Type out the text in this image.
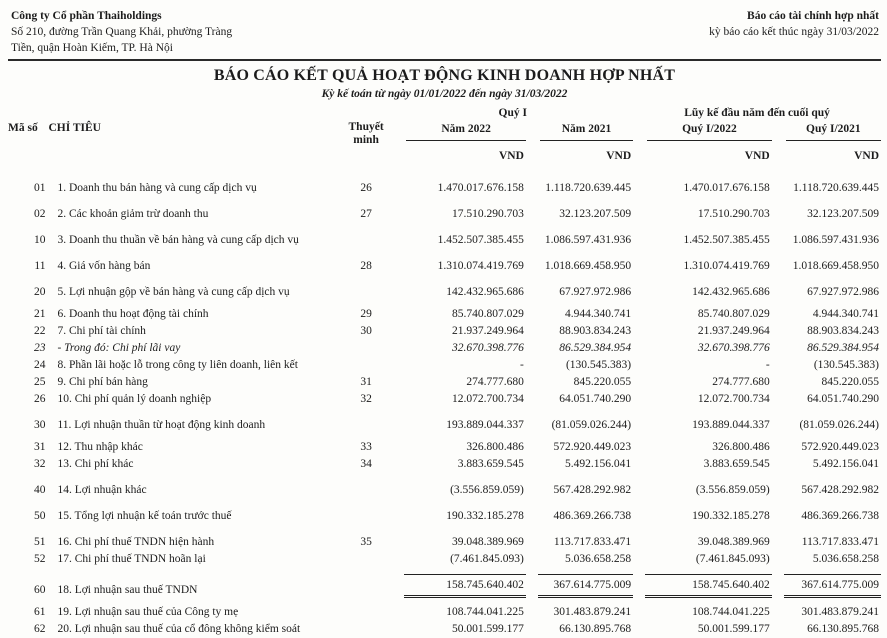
Công ty Cổ phần Thaiholdings
Số 210, đường Trần Quang Khải, phường Tràng
Tiền, quận Hoàn Kiếm, TP. Hà Nội
Báo cáo tài chính hợp nhất
kỳ báo cáo kết thúc ngày 31/03/2022
BÁO CÁO KẾT QUẢ HOẠT ĐỘNG KINH DOANH HỢP NHẤT
Kỳ kế toán từ ngày 01/01/2022 đến ngày 31/03/2022
			Quý I		Lũy kế đầu năm đến cuối quý	
Mã số	CHỈ TIÊU	Thuyết minh	Năm 2022	Năm 2021	Quý I/2022	Quý I/2021

			VND	VND	VND	VND
01	1. Doanh thu bán hàng và cung cấp dịch vụ	26	1.470.017.676.158	1.118.720.639.445	1.470.017.676.158	1.118.720.639.445
02	2. Các khoản giảm trừ doanh thu	27	17.510.290.703	32.123.207.509	17.510.290.703	32.123.207.509
10	3. Doanh thu thuần về bán hàng và cung cấp dịch vụ		1.452.507.385.455	1.086.597.431.936	1.452.507.385.455	1.086.597.431.936
11	4. Giá vốn hàng bán	28	1.310.074.419.769	1.018.669.458.950	1.310.074.419.769	1.018.669.458.950
20	5. Lợi nhuận gộp về bán hàng và cung cấp dịch vụ		142.432.965.686	67.927.972.986	142.432.965.686	67.927.972.986
21	6. Doanh thu hoạt động tài chính	29	85.740.807.029	4.944.340.741	85.740.807.029	4.944.340.741
22	7. Chi phí tài chính	30	21.937.249.964	88.903.834.243	21.937.249.964	88.903.834.243
23	- Trong đó: Chi phí lãi vay		32.670.398.776	86.529.384.954	32.670.398.776	86.529.384.954
24	8. Phần lãi hoặc lỗ trong công ty liên doanh, liên kết		-	(130.545.383)	-	(130.545.383)
25	9. Chi phí bán hàng	31	274.777.680	845.220.055	274.777.680	845.220.055
26	10. Chi phí quản lý doanh nghiệp	32	12.072.700.734	64.051.740.290	12.072.700.734	64.051.740.290
30	11. Lợi nhuận thuần từ hoạt động kinh doanh		193.889.044.337	(81.059.026.244)	193.889.044.337	(81.059.026.244)
31	12. Thu nhập khác	33	326.800.486	572.920.449.023	326.800.486	572.920.449.023
32	13. Chi phí khác	34	3.883.659.545	5.492.156.041	3.883.659.545	5.492.156.041
40	14. Lợi nhuận khác		(3.556.859.059)	567.428.292.982	(3.556.859.059)	567.428.292.982
50	15. Tổng lợi nhuận kế toán trước thuế		190.332.185.278	486.369.266.738	190.332.185.278	486.369.266.738
51	16. Chi phí thuế TNDN hiện hành	35	39.048.389.969	113.717.833.471	39.048.389.969	113.717.833.471
52	17. Chi phí thuế TNDN hoãn lại		(7.461.845.093)	5.036.658.258	(7.461.845.093)	5.036.658.258
60	18. Lợi nhuận sau thuế TNDN		158.745.640.402	367.614.775.009	158.745.640.402	367.614.775.009

61	19. Lợi nhuận sau thuế của Công ty mẹ		108.744.041.225	301.483.879.241	108.744.041.225	301.483.879.241
62	20. Lợi nhuận sau thuế của cổ đông không kiểm soát		50.001.599.177	66.130.895.768	50.001.599.177	66.130.895.768
